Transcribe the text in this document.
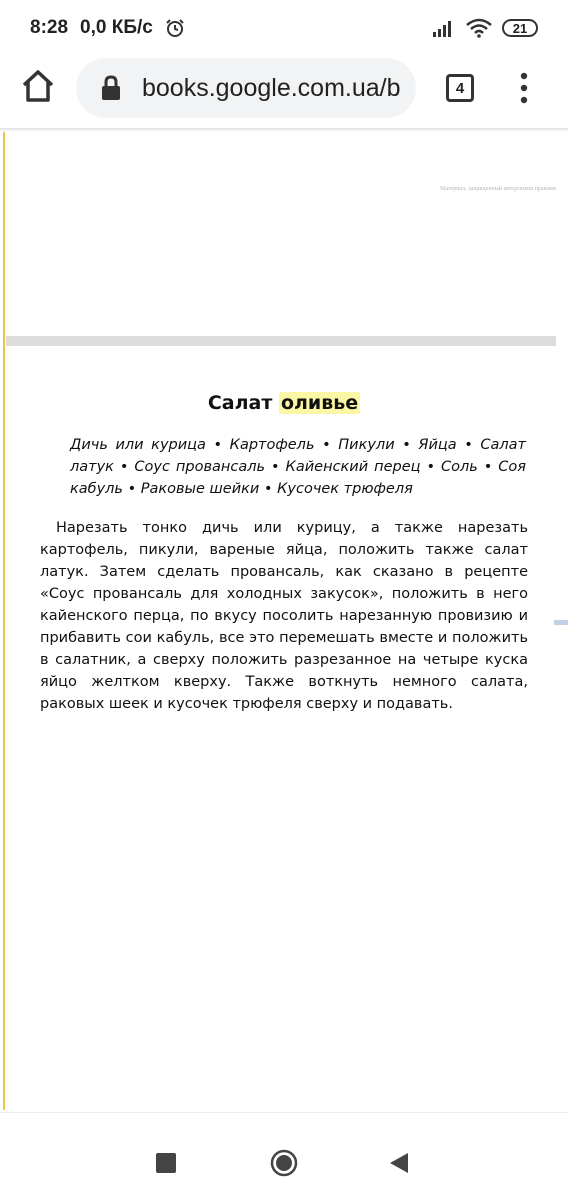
8:28 0,0 КБ/с	21
books.google.com.ua/b	4
Материал, защищенный авторскими правами
Салат оливье
Дичь или курица • Картофель • Пикули • Яйца • Салат латук • Соус провансаль • Кайенский перец • Соль • Соя кабуль • Раковые шейки • Кусочек трюфеля
Нарезать тонко дичь или курицу, а также нарезать картофель, пикули, вареные яйца, положить также салат латук. Затем сделать провансаль, как сказано в рецепте «Соус провансаль для холодных закусок», положить в него кайенского перца, по вкусу посолить нарезанную провизию и прибавить сои кабуль, все это перемешать вместе и положить в салатник, а сверху положить разрезанное на четыре куска яйцо желтком кверху. Также воткнуть немного салата, раковых шеек и кусочек трюфеля сверху и подавать.
